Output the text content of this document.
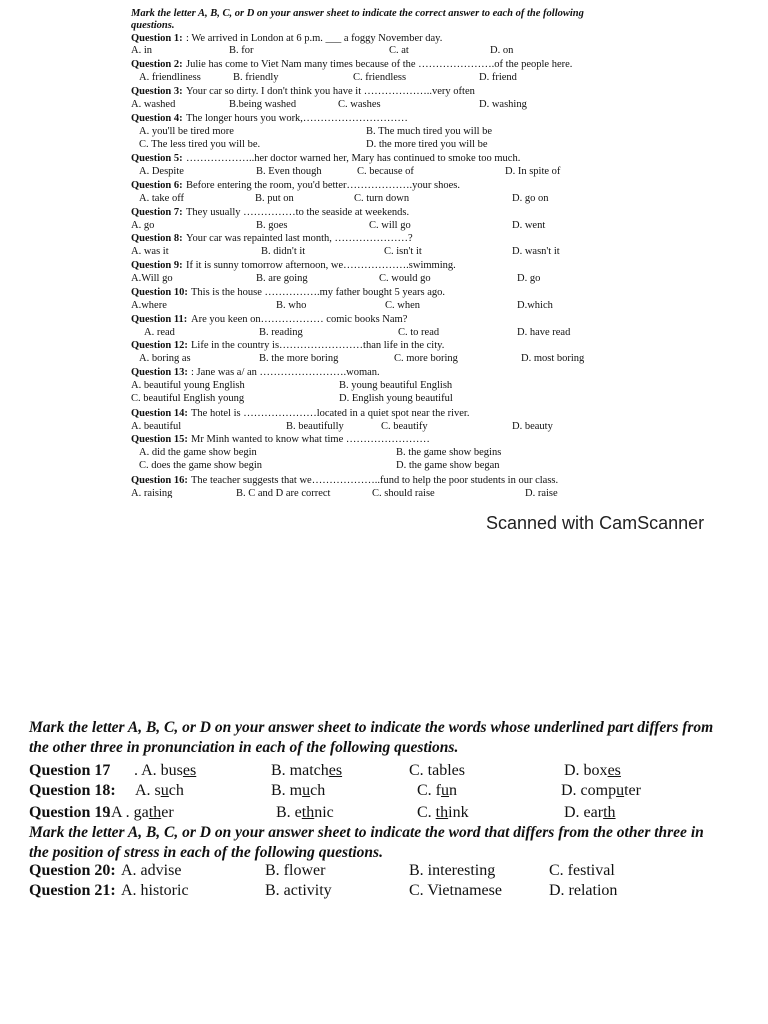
Mark the letter A, B, C, or D on your answer sheet to indicate the correct answer to each of the following
questions.
Question 1: : We arrived in London at 6 p.m. ___ a foggy November day.
A. in	B. for	C. at	D. on
Question 2: Julie has come to Viet Nam many times because of the ………………….of the people here.
A. friendliness	B. friendly	C. friendless	D. friend
Question 3: Your car so dirty. I don't think you have it ………………..very often
A. washed	B.being washed	C. washes	D. washing
Question 4: The longer hours you work,…………………………
A. you'll be tired more	B. The much tired you will be
C. The less tired you will be.	D. the more tired you will be
Question 5: ………………..her doctor warned her, Mary has continued to smoke too much.
A. Despite	B. Even though	C. because of	D. In spite of
Question 6: Before entering the room, you'd better……………….your shoes.
A. take off	B. put on	C. turn down	D. go on
Question 7: They usually ……………to the seaside at weekends.
A. go	B. goes	C. will go	D. went
Question 8: Your car was repainted last month, …………………?
A. was it	B. didn't it	C. isn't it	D. wasn't it
Question 9: If it is sunny tomorrow afternoon, we……………….swimming.
A.Will go	B. are going	C. would go	D. go
Question 10: This is the house …………….my father bought 5 years ago.
A.where	B. who	C. when	D.which
Question 11: Are you keen on……………… comic books Nam?
A. read	B. reading	C. to read	D. have read
Question 12: Life in the country is……………………than life in the city.
A. boring as	B. the more boring	C. more boring	D. most boring
Question 13: : Jane was a/ an …………………….woman.
A. beautiful young English	B. young beautiful English
C. beautiful English young	D. English young beautiful
Question 14: The hotel is …………………located in a quiet spot near the river.
A. beautiful	B. beautifully	C. beautify	D. beauty
Question 15: Mr Minh wanted to know what time ……………………
A. did the game show begin	B. the game show begins
C. does the game show begin	D. the game show began
Question 16: The teacher suggests that we………………..fund to help the poor students in our class.
A. raising	B. C and D are correct	C. should raise	D. raise
Scanned with CamScanner
Mark the letter A, B, C, or D on your answer sheet to indicate the words whose underlined part differs from
the other three in pronunciation in each of the following questions.
Question 17 . A. buses	B. matches	C. tables	D. boxes
Question 18: A. such	B. much	C. fun	D. computer
Question 19
.A . gather	B. ethnic	C. think	D. earth
Mark the letter A, B, C, or D on your answer sheet to indicate the word that differs from the other three in
the position of stress in each of the following questions.
Question 20: A. advise	B. flower	B. interesting	C. festival
Question 21: A. historic	B. activity	C. Vietnamese	D. relation
